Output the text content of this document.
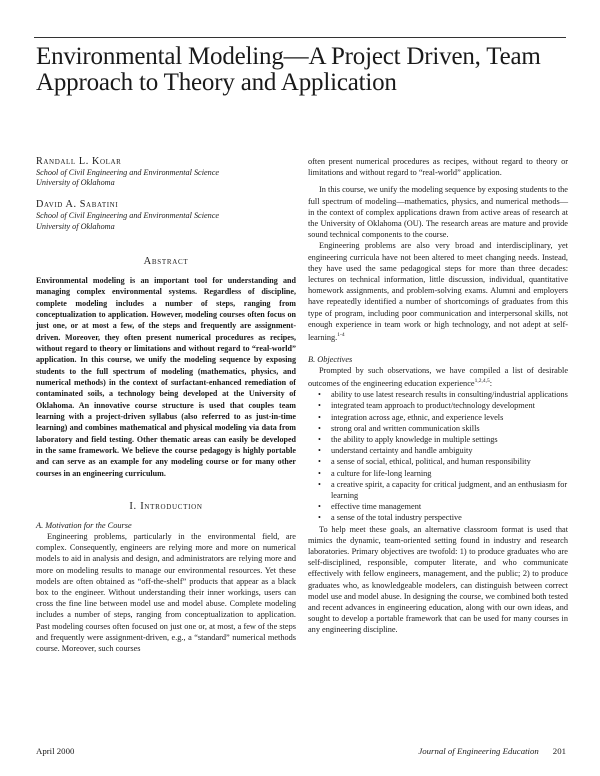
Environmental Modeling—A Project Driven, Team Approach to Theory and Application

Randall L. Kolar

School of Civil Engineering and Environmental Science

University of Oklahoma

David A. Sabatini

School of Civil Engineering and Environmental Science

University of Oklahoma

Abstract

Environmental modeling is an important tool for understanding and managing complex environmental systems. Regardless of discipline, complete modeling includes a number of steps, ranging from conceptualization to application. However, modeling courses often focus on just one, or at most a few, of the steps and frequently are assignment-driven. Moreover, they often present numerical procedures as recipes, without regard to theory or limitations and without regard to “real-world” application. In this course, we unify the modeling sequence by exposing students to the full spectrum of modeling (mathematics, physics, and numerical methods) in the context of surfactant-enhanced remediation of contaminated soils, a technology being developed at the University of Oklahoma. An innovative course structure is used that couples team learning with a project-driven syllabus (also referred to as just-in-time learning) and combines mathematical and physical modeling via data from laboratory and field testing. Other thematic areas can easily be developed in the same framework. We believe the course pedagogy is highly portable and can serve as an example for any modeling course or for many other courses in an engineering curriculum.

I. Introduction

A. Motivation for the Course

Engineering problems, particularly in the environmental field, are complex. Consequently, engineers are relying more and more on numerical models to aid in analysis and design, and administrators are relying more and more on modeling results to manage our environmental resources. Yet these models are often obtained as “off-the-shelf” products that appear as a black box to the engineer. Without understanding their inner workings, users can cross the fine line between model use and model abuse. Complete modeling includes a number of steps, ranging from conceptualization to application. Past modeling courses often focused on just one or, at most, a few of the steps and frequently were assignment-driven, e.g., a “standard” numerical methods course. Moreover, such courses

often present numerical procedures as recipes, without regard to theory or limitations and without regard to “real-world” application.

In this course, we unify the modeling sequence by exposing students to the full spectrum of modeling—mathematics, physics, and numerical methods—in the context of complex applications drawn from active areas of research at the University of Oklahoma (OU). The research areas are mature and provide sound technical components to the course.

Engineering problems are also very broad and interdisciplinary, yet engineering curricula have not been altered to meet changing needs. Instead, they have used the same pedagogical steps for more than three decades: lectures on technical information, little discussion, individual, quantitative homework assignments, and problem-solving exams. Alumni and employers have repeatedly identified a number of shortcomings of graduates from this type of program, including poor communication and interpersonal skills, not enough experience in team work or high technology, and not adept at self-learning.$^{1-4}$

B. Objectives

Prompted by such observations, we have compiled a list of desirable outcomes of the engineering education experience$^{1,2,4,5}$:

• ability to use latest research results in consulting/industrial applications
• integrated team approach to product/technology development
• integration across age, ethnic, and experience levels
• strong oral and written communication skills
• the ability to apply knowledge in multiple settings
• understand certainty and handle ambiguity
• a sense of social, ethical, political, and human responsibility
• a culture for life-long learning
• a creative spirit, a capacity for critical judgment, and an enthusiasm for learning
• effective time management
• a sense of the total industry perspective

To help meet these goals, an alternative classroom format is used that mimics the dynamic, team-oriented setting found in industry and research laboratories. Primary objectives are twofold: 1) to produce graduates who are self-disciplined, responsible, computer literate, and who communicate effectively with fellow engineers, management, and the public; 2) to produce graduates who, as knowledgeable modelers, can distinguish between correct model use and model abuse. In designing the course, we combined both tested and recent advances in engineering education, along with our own ideas, and sought to develop a portable framework that can be used for many courses in any engineering discipline.

April 2000	Journal of Engineering Education 201
